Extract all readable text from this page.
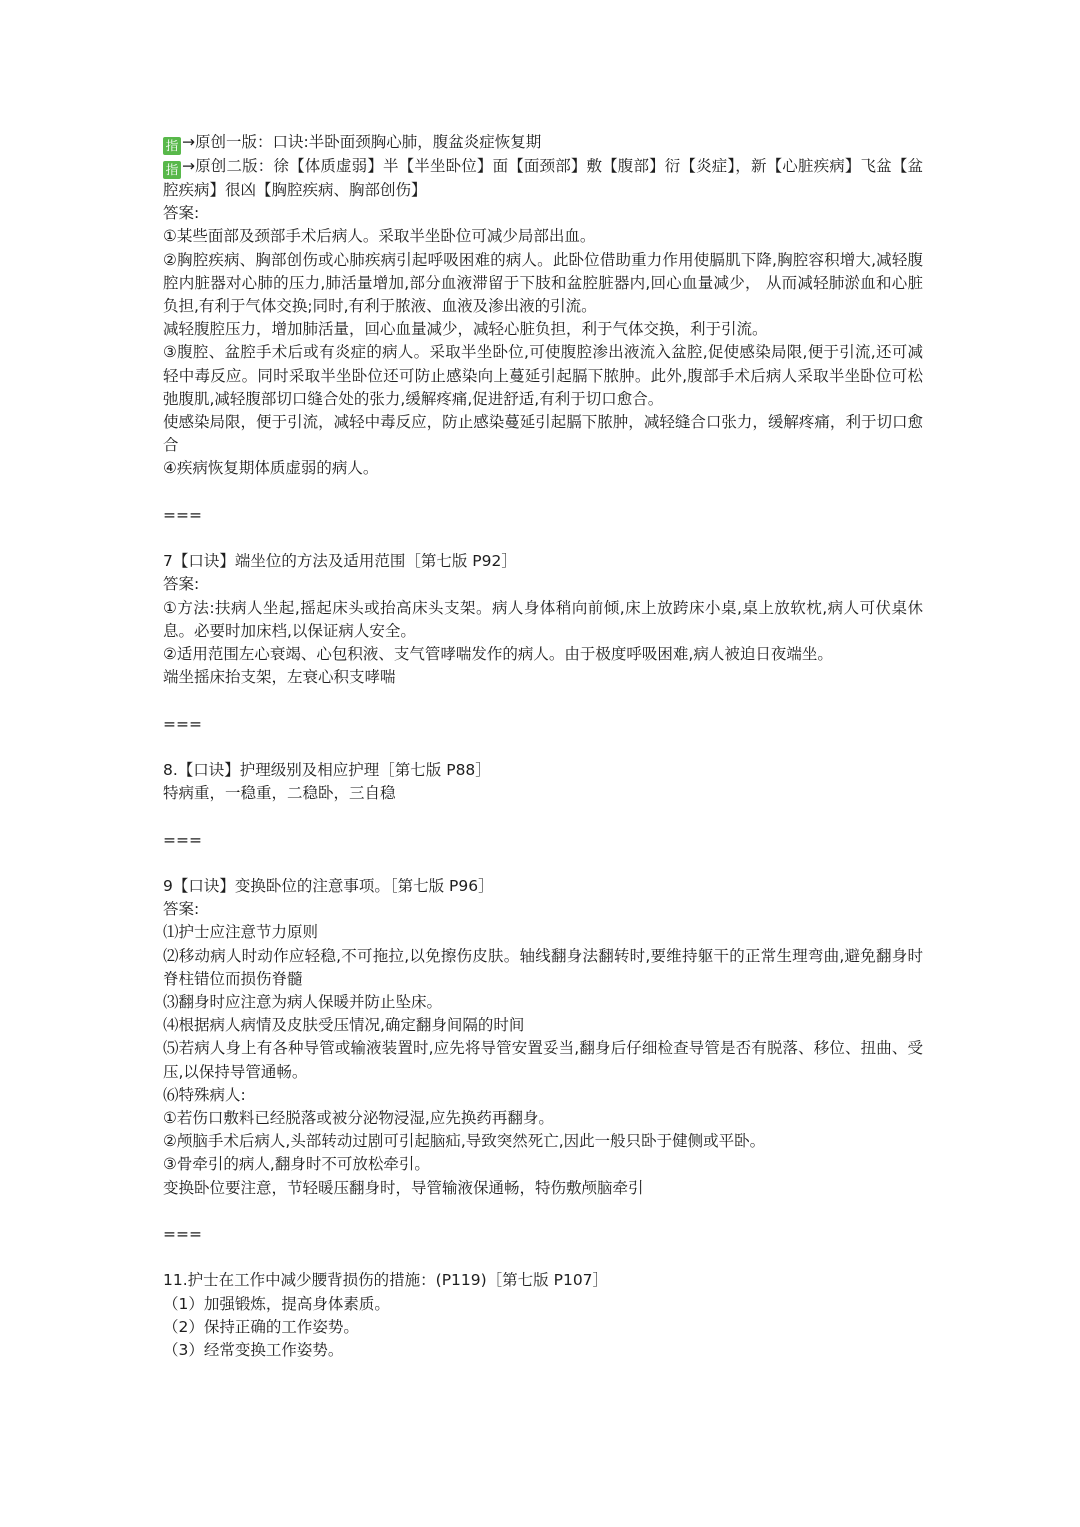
指 →原创一版：口诀:半卧面颈胸心肺，腹盆炎症恢复期

指 →原创二版：徐【体质虚弱】半【半坐卧位】面【面颈部】敷【腹部】衍【炎症】，新【心脏疾病】飞盆【盆腔疾病】很凶【胸腔疾病、胸部创伤】

答案:

①某些面部及颈部手术后病人。采取半坐卧位可减少局部出血。

②胸腔疾病、胸部创伤或心肺疾病引起呼吸困难的病人。此卧位借助重力作用使膈肌下降,胸腔容积增大,减轻腹腔内脏器对心肺的压力,肺活量增加,部分血液滞留于下肢和盆腔脏器内,回心血量减少， 从而减轻肺淤血和心脏负担,有利于气体交换;同时,有利于脓液、血液及渗出液的引流。

减轻腹腔压力，增加肺活量，回心血量减少，减轻心脏负担，利于气体交换，利于引流。

③腹腔、盆腔手术后或有炎症的病人。采取半坐卧位,可使腹腔渗出液流入盆腔,促使感染局限,便于引流,还可减轻中毒反应。同时采取半坐卧位还可防止感染向上蔓延引起膈下脓肿。此外,腹部手术后病人采取半坐卧位可松弛腹肌,减轻腹部切口缝合处的张力,缓解疼痛,促进舒适,有利于切口愈合。

使感染局限，便于引流，减轻中毒反应，防止感染蔓延引起膈下脓肿，减轻缝合口张力，缓解疼痛，利于切口愈合

④疾病恢复期体质虚弱的病人。

===

7【口诀】端坐位的方法及适用范围［第七版 P92］

答案:

①方法:扶病人坐起,摇起床头或抬高床头支架。病人身体稍向前倾,床上放跨床小桌,桌上放软枕,病人可伏桌休息。必要时加床档,以保证病人安全。

②适用范围左心衰竭、心包积液、支气管哮喘发作的病人。由于极度呼吸困难,病人被迫日夜端坐。

端坐摇床抬支架，左衰心积支哮喘

===

8.【口诀】护理级别及相应护理［第七版 P88］

特病重，一稳重，二稳卧，三自稳

===

9【口诀】变换卧位的注意事项。［第七版 P96］

答案:

⑴护士应注意节力原则

⑵移动病人时动作应轻稳,不可拖拉,以免擦伤皮肤。轴线翻身法翻转时,要维持躯干的正常生理弯曲,避免翻身时脊柱错位而损伤脊髓

⑶翻身时应注意为病人保暖并防止坠床。

⑷根据病人病情及皮肤受压情况,确定翻身间隔的时间

⑸若病人身上有各种导管或输液装置时,应先将导管安置妥当,翻身后仔细检查导管是否有脱落、移位、扭曲、受压,以保持导管通畅。

⑹特殊病人:

①若伤口敷料已经脱落或被分泌物浸湿,应先换药再翻身。

②颅脑手术后病人,头部转动过剧可引起脑疝,导致突然死亡,因此一般只卧于健侧或平卧。

③骨牵引的病人,翻身时不可放松牵引。

变换卧位要注意，节轻暖压翻身时，导管输液保通畅，特伤敷颅脑牵引

===

11.护士在工作中减少腰背损伤的措施：(P119)［第七版 P107］

（1）加强锻炼，提高身体素质。

（2）保持正确的工作姿势。

（3）经常变换工作姿势。
